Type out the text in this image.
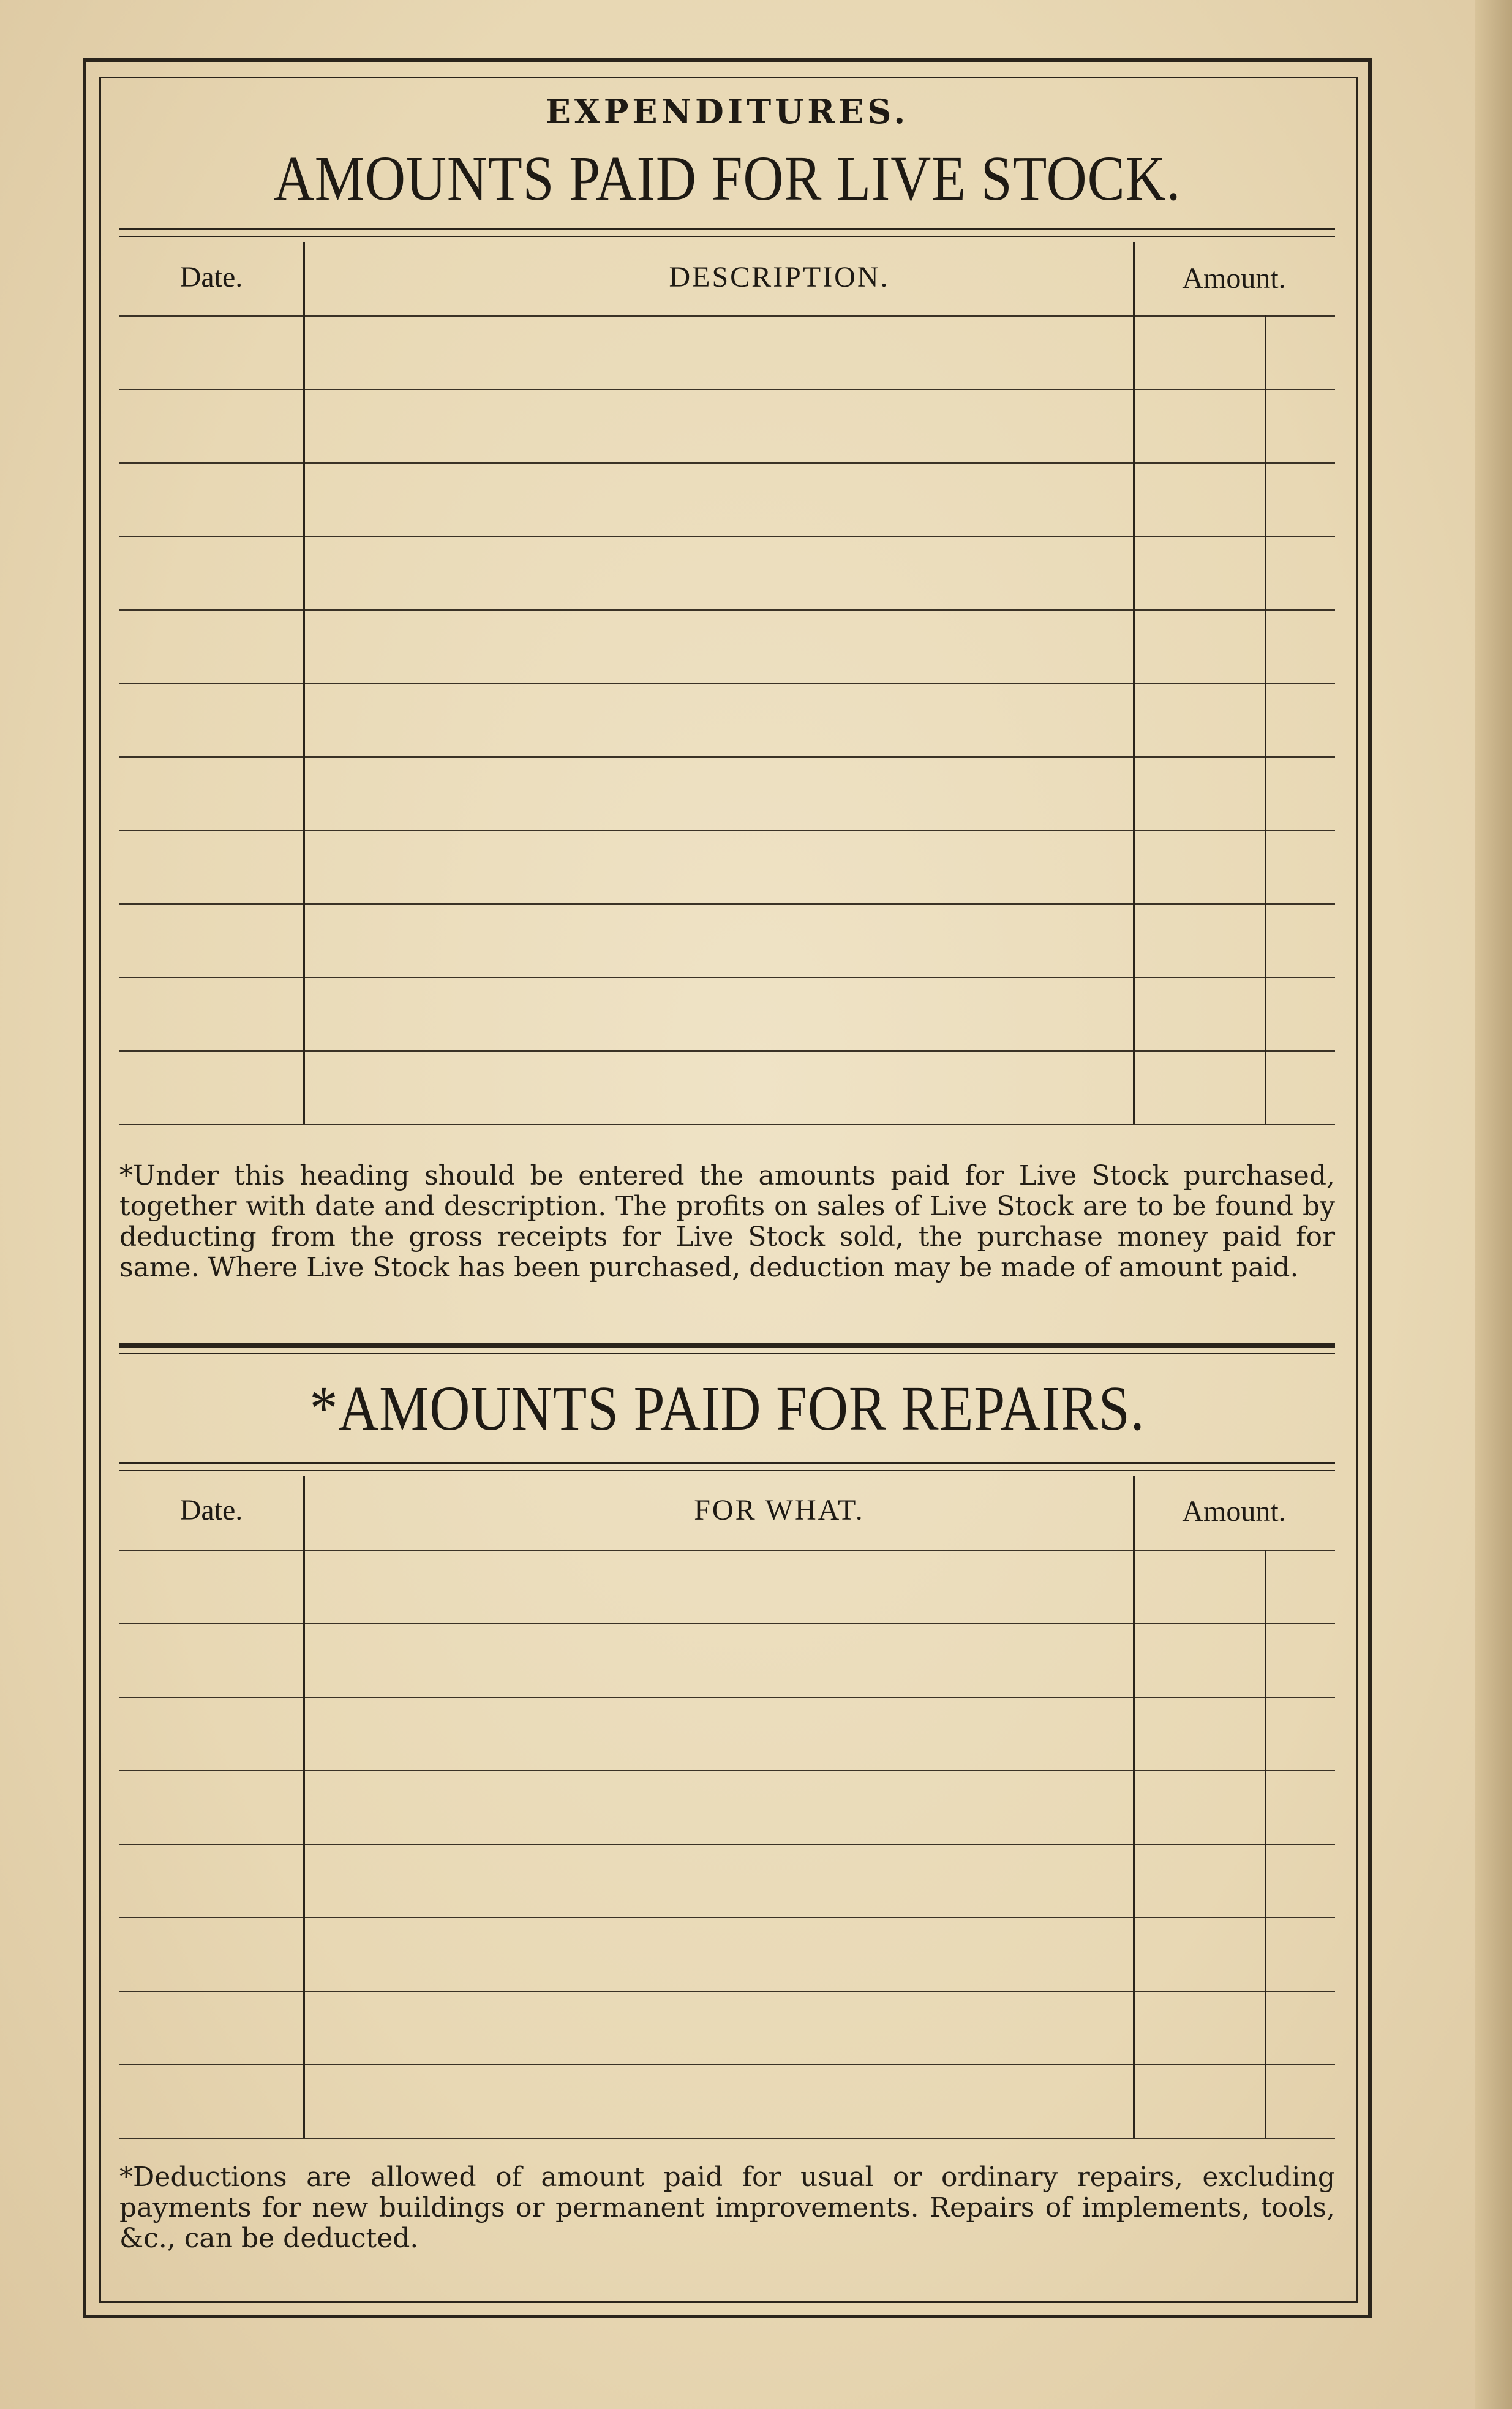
EXPENDITURES.
AMOUNTS PAID FOR LIVE STOCK.
Date.	DESCRIPTION.	Amount.
*Under this heading should be entered the amounts paid for Live Stock purchased, together with date and description. The profits on sales of Live Stock are to be found by deducting from the gross receipts for Live Stock sold, the purchase money paid for same. Where Live Stock has been purchased, deduction may be made of amount paid.
*AMOUNTS PAID FOR REPAIRS.
Date.	FOR WHAT.	Amount.
*Deductions are allowed of amount paid for usual or ordinary repairs, excluding payments for new buildings or permanent improvements. Repairs of implements, tools, &c., can be deducted.
